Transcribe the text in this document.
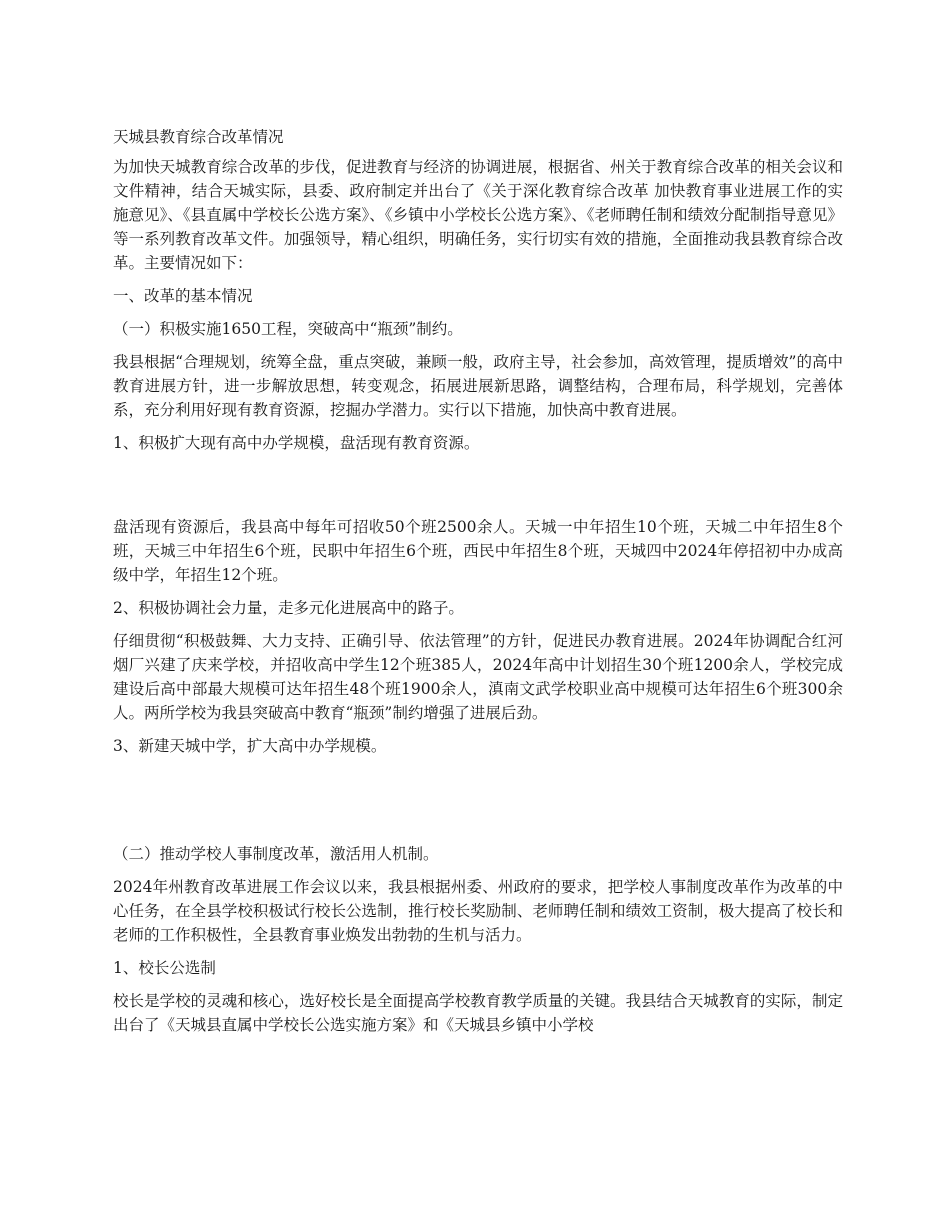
天城县教育综合改革情况

为加快天城教育综合改革的步伐，促进教育与经济的协调进展，根据省、州关于教育综合改革的相关会议和文件精神，结合天城实际，县委、政府制定并出台了《关于深化教育综合改革 加快教育事业进展工作的实施意见》、《县直属中学校长公选方案》、《乡镇中小学校长公选方案》、《老师聘任制和绩效分配制指导意见》等一系列教育改革文件。加强领导，精心组织，明确任务，实行切实有效的措施，全面推动我县教育综合改革。主要情况如下：

一、改革的基本情况

（一）积极实施1650工程，突破高中“瓶颈”制约。

我县根据“合理规划，统筹全盘，重点突破，兼顾一般，政府主导，社会参加，高效管理，提质增效”的高中教育进展方针，进一步解放思想，转变观念，拓展进展新思路，调整结构，合理布局，科学规划，完善体系，充分利用好现有教育资源，挖掘办学潜力。实行以下措施，加快高中教育进展。

1、积极扩大现有高中办学规模，盘活现有教育资源。

盘活现有资源后，我县高中每年可招收50个班2500余人。天城一中年招生10个班，天城二中年招生8个班，天城三中年招生6个班，民职中年招生6个班，西民中年招生8个班，天城四中2024年停招初中办成高级中学，年招生12个班。

2、积极协调社会力量，走多元化进展高中的路子。

仔细贯彻“积极鼓舞、大力支持、正确引导、依法管理”的方针，促进民办教育进展。2024年协调配合红河烟厂兴建了庆来学校，并招收高中学生12个班385人，2024年高中计划招生30个班1200余人，学校完成建设后高中部最大规模可达年招生48个班1900余人，滇南文武学校职业高中规模可达年招生6个班300余人。两所学校为我县突破高中教育“瓶颈”制约增强了进展后劲。

3、新建天城中学，扩大高中办学规模。

（二）推动学校人事制度改革，激活用人机制。

2024年州教育改革进展工作会议以来，我县根据州委、州政府的要求，把学校人事制度改革作为改革的中心任务，在全县学校积极试行校长公选制，推行校长奖励制、老师聘任制和绩效工资制，极大提高了校长和老师的工作积极性，全县教育事业焕发出勃勃的生机与活力。

1、校长公选制

校长是学校的灵魂和核心，选好校长是全面提高学校教育教学质量的关键。我县结合天城教育的实际，制定出台了《天城县直属中学校长公选实施方案》和《天城县乡镇中小学校
